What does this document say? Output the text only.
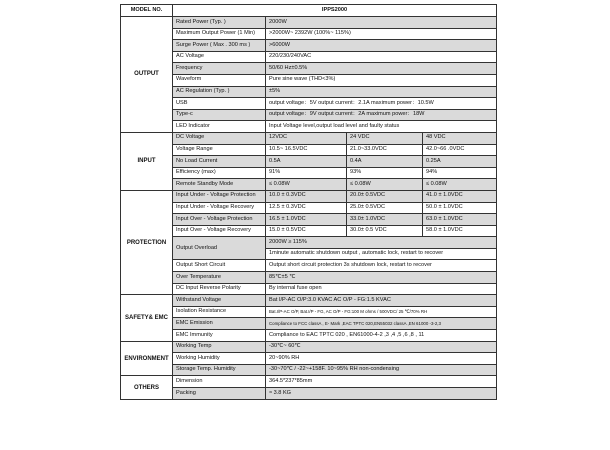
MODEL NO.	IPPS2000			
OUTPUT	Rated Power (Typ. )	2000W		
	Maximum Output Power (1 Min)	>2000W~ 2392W (100%~ 115%)		
	Surge Power ( Max . 300 ms )	>6000W		
	AC Voltage	220/230/240VAC		
	Frequency	50/60 Hz±0.5%		
	Waveform	Pure sine wave (THD<3%)		
	AC Regulation (Typ. )	±5%		
	USB	output voltage：5V output current：2.1A maximum power：10.5W		
	Type-c	output voltage：9V output current：2A maximum power：18W		
	LED Indicator	Input Voltage level,output load level and faulty status		
INPUT	DC Voltage	12VDC	24 VDC	48 VDC
	Voltage Range	10.5~ 16.5VDC	21.0~33.0VDC	42.0~66 .0VDC
	No Load Current	0.5A	0.4A	0.25A
	Efficiency (max)	91%	93%	94%
	Remote Standby Mode	≤ 0.08W	≤ 0.08W	≤ 0.08W
PROTECTION	Input Under - Voltage Protection	10.0 ± 0.3VDC	20.0± 0.5VDC	41.0 ± 1.0VDC
	Input Under - Voltage Recovery	12.5 ± 0.3VDC	25.0± 0.5VDC	50.0 ± 1.0VDC
	Input Over - Voltage Protection	16.5 ± 1.0VDC	33.0± 1.0VDC	63.0 ± 1.0VDC
	Input Over - Voltage Recovery	15.0 ± 0.5VDC	30.0± 0.5 VDC	58.0 ± 1.0VDC
	Output Overload	2000W ≥ 115%		
		1minute automatic shutdown output , automatic lock, restart to recover		
	Output Short Circuit	Output short circuit protection 3s shutdown lock, restart to recover		
	Over Temperature	85℃±5 ℃		
	DC Input Reverse Polarity	By internal fuse open		
SAFETY& EMC	Withstand Voltage	Bat I/P-AC O/P:3.0 KVAC AC O/P - FG:1.5 KVAC		
	Isolation Resistance	Bat.I/P-AC O/P, Bat.I/P - FG, AC O/P - FG:100 M ohms / 500VDC/ 25 ℃/70% RH		
	EMC Emission	Compliance to FCC classA , E- Mark ,EAC TPTC 020,EN55032 classA ,EN 61000 -3-2,3		
	EMC Immunity	Compliance to EAC TPTC 020 , EN61000-4-2 ,3 ,4 ,5 ,6 ,8 , 11		
ENVIRONMENT	Working Temp	-30℃~ 60℃		
	Working Humidity	20~90% RH		
	Storage Temp. Humidity	-30~70℃ / -22~+158F. 10~95% RH non-condensing		
OTHERS	Dimension	364.5*237*85mm		
	Packing	≈ 3.8 KG		
